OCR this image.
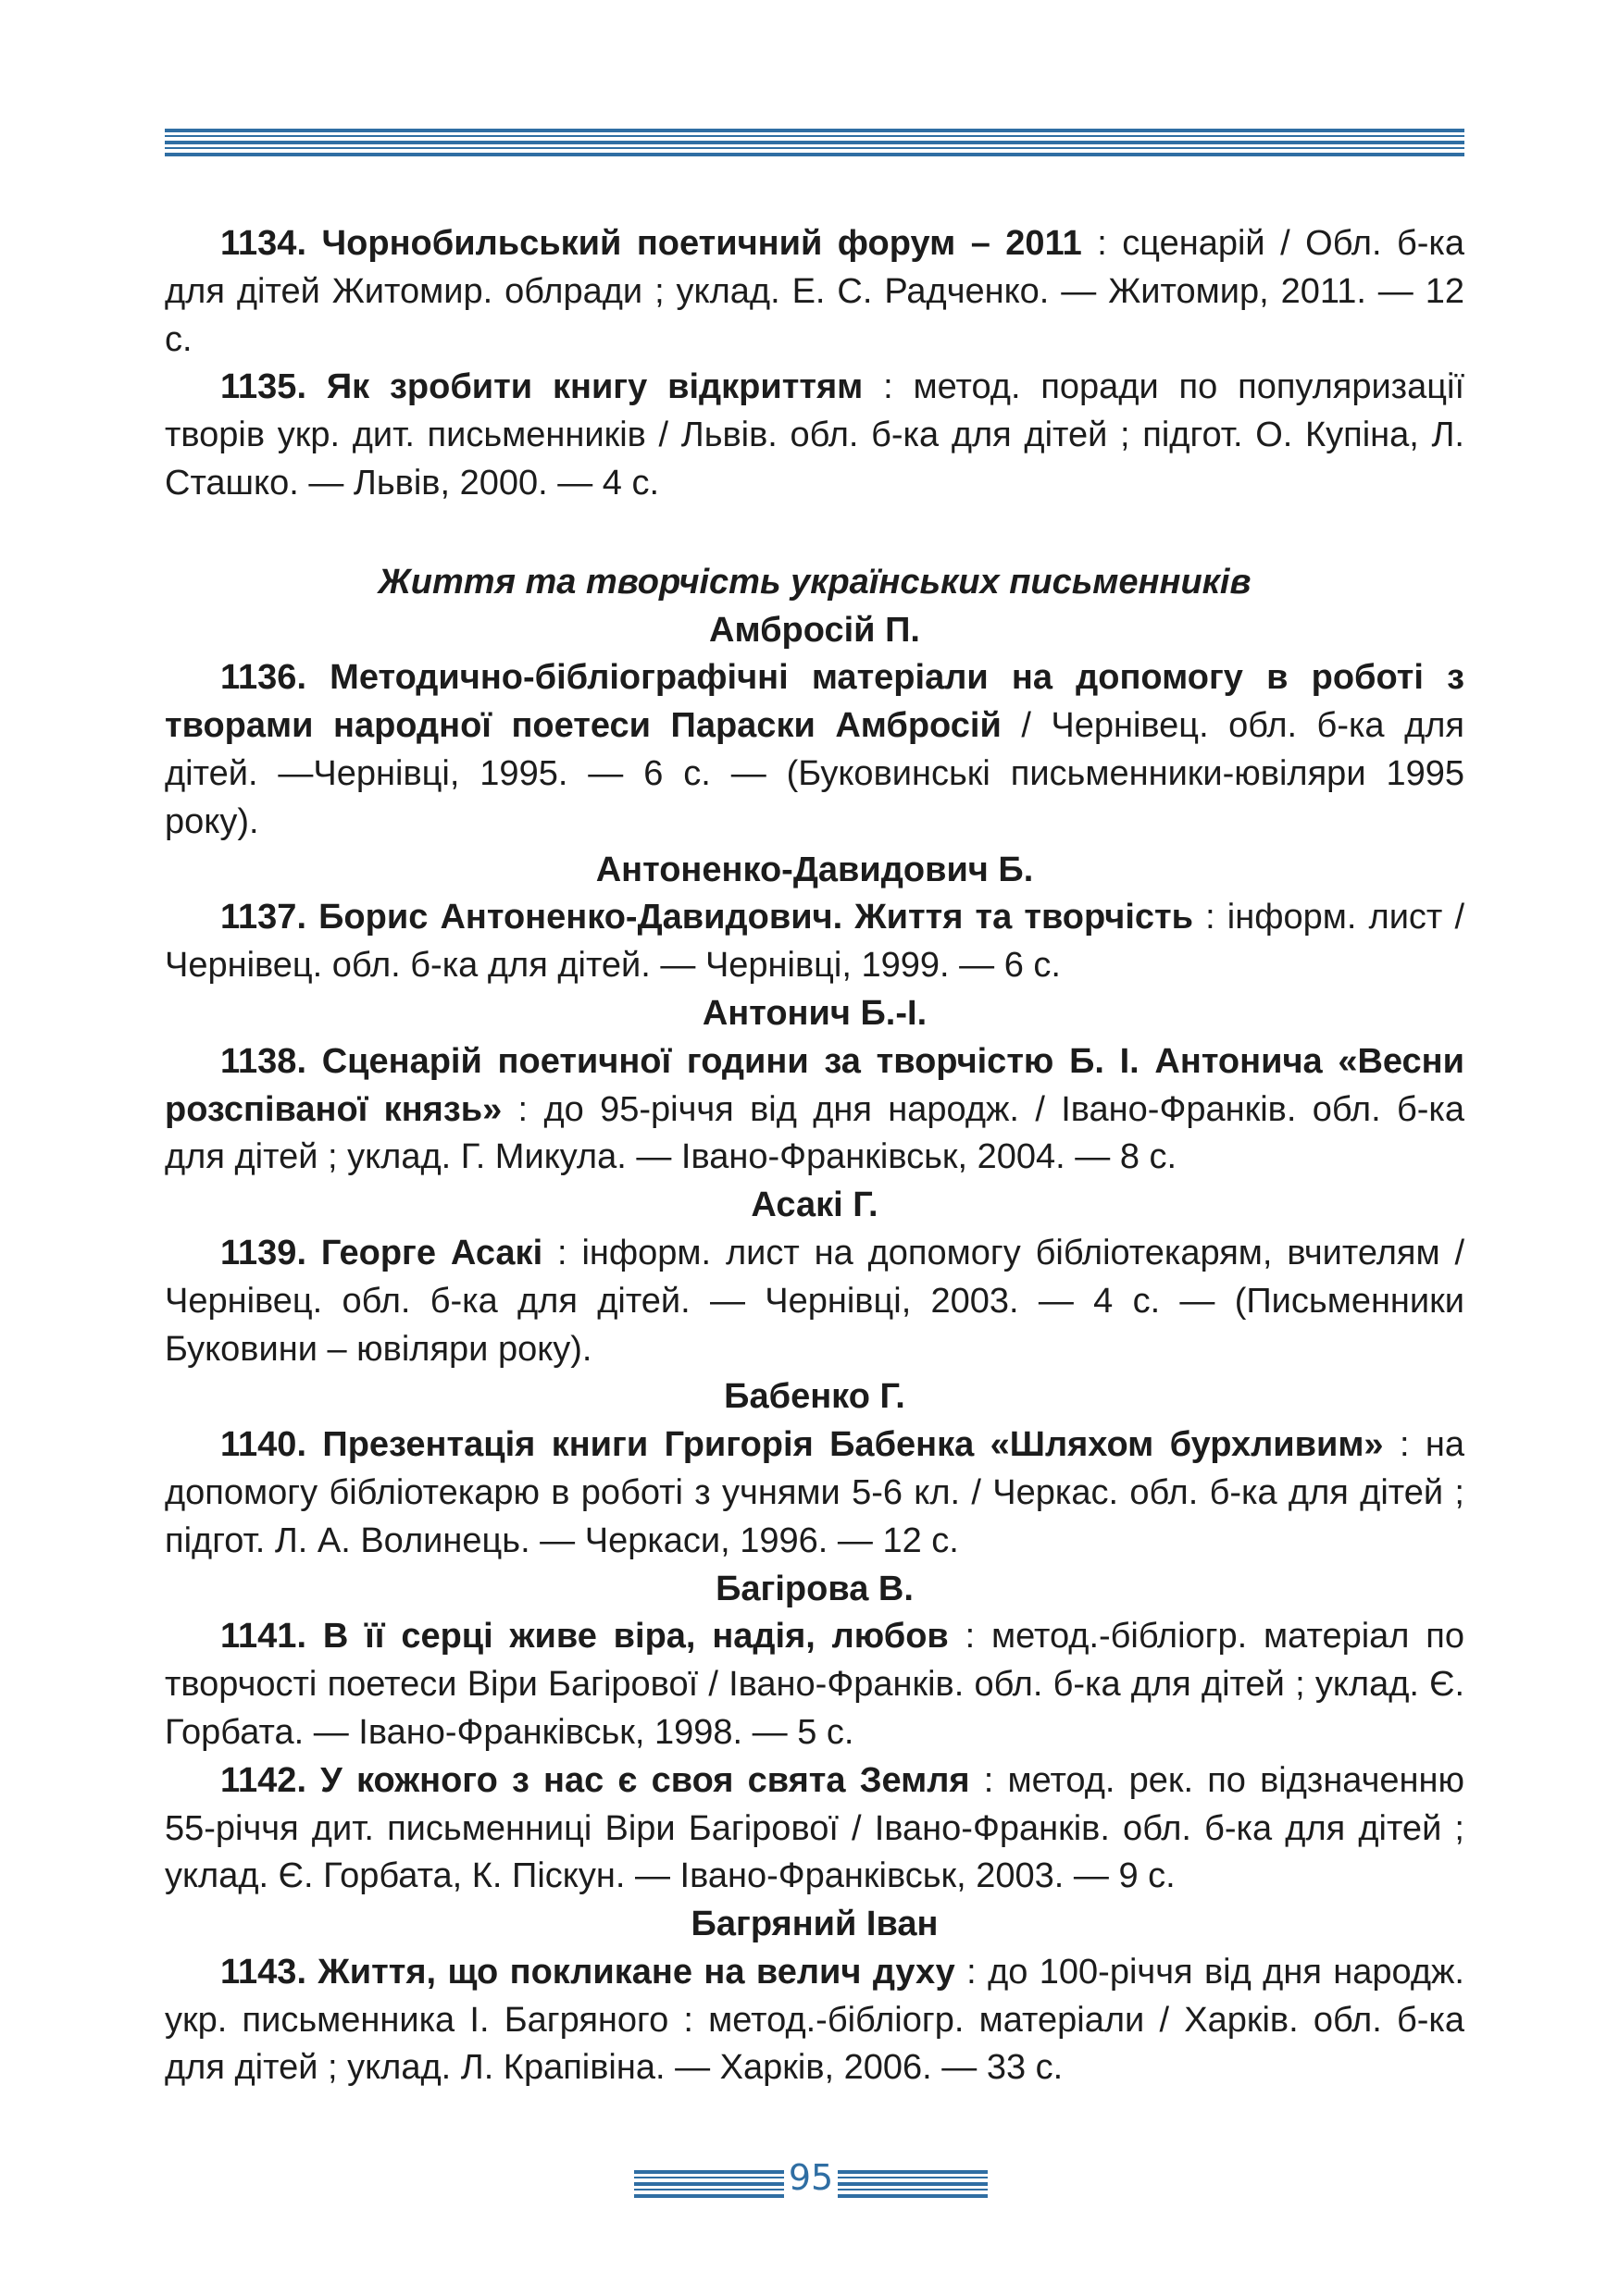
1134. Чорнобильський поетичний форум – 2011 : сценарій / Обл. б-ка для дітей Житомир. облради ; уклад. Е. С. Радченко. — Житомир, 2011. — 12 с.

1135. Як зробити книгу відкриттям : метод. поради по популяризації творів укр. дит. письменників / Львів. обл. б-ка для дітей ; підгот. О. Купіна, Л. Сташко. — Львів, 2000. — 4 с.

Життя та творчість українських письменників

Амбросій П.

1136. Методично-бібліографічні матеріали на допомогу в роботі з творами народної поетеси Параски Амбросій / Чернівец. обл. б-ка для дітей. —Чернівці, 1995. — 6 с. — (Буковинські письменники-ювіляри 1995 року).

Антоненко-Давидович Б.

1137. Борис Антоненко-Давидович. Життя та творчість : інформ. лист / Чернівец. обл. б-ка для дітей. — Чернівці, 1999. — 6 с.

Антонич Б.-І.

1138. Сценарій поетичної години за творчістю Б. І. Антонича «Весни розспіваної князь» : до 95-річчя від дня народж. / Івано-Франків. обл. б-ка для дітей ; уклад. Г. Микула. — Івано-Франківськ, 2004. — 8 с.

Асакі Г.

1139. Георге Асакі : інформ. лист на допомогу бібліотекарям, вчителям / Чернівец. обл. б-ка для дітей. — Чернівці, 2003. — 4 с. — (Письменники Буковини – ювіляри року).

Бабенко Г.

1140. Презентація книги Григорія Бабенка «Шляхом бурхливим» : на допомогу бібліотекарю в роботі з учнями 5-6 кл. / Черкас. обл. б-ка для дітей ; підгот. Л. А. Волинець. — Черкаси, 1996. — 12 с.

Багірова В.

1141. В її серці живе віра, надія, любов : метод.-бібліогр. матеріал по творчості поетеси Віри Багірової / Івано-Франків. обл. б-ка для дітей ; уклад. Є. Горбата. — Івано-Франківськ, 1998. — 5 с.

1142. У кожного з нас є своя свята Земля : метод. рек. по відзначенню 55-річчя дит. письменниці Віри Багірової / Івано-Франків. обл. б-ка для дітей ; уклад. Є. Горбата, К. Піскун. — Івано-Франківськ, 2003. — 9 с.

Багряний Іван

1143. Життя, що покликане на велич духу : до 100-річчя від дня народж. укр. письменника І. Багряного : метод.-бібліогр. матеріали / Харків. обл. б-ка для дітей ; уклад. Л. Крапівіна. — Харків, 2006. — 33 с.

95
